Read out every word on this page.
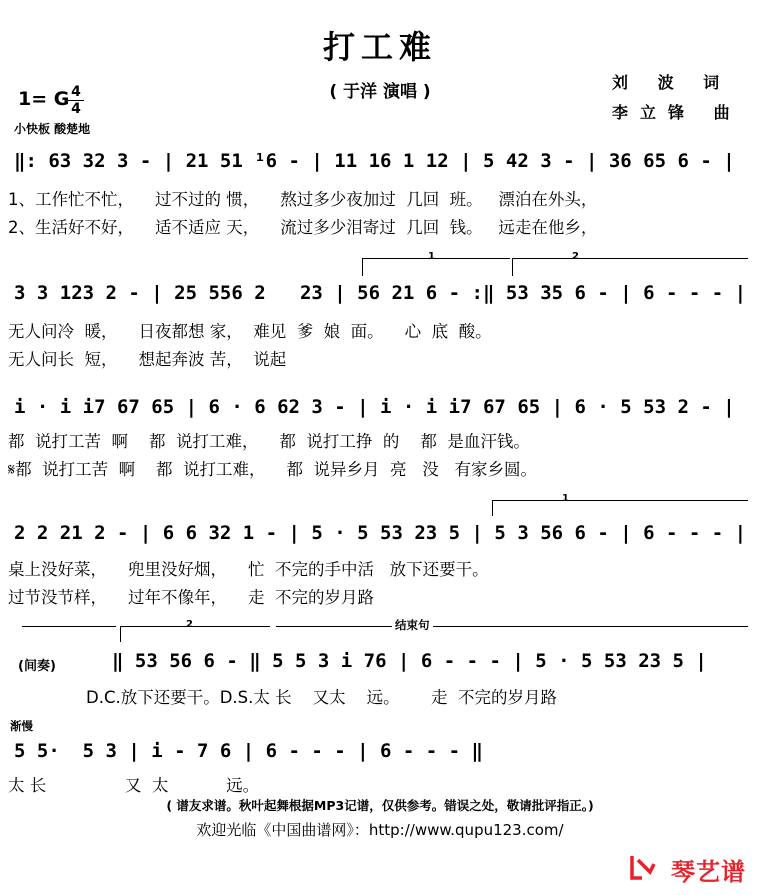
打工难
( 于洋 演唱 )
1= G 4
4
小快板 酸楚地
刘 波 词
李立锋 曲
‖: 63 32 3 - | 21 51 ¹6 - | 11 16 1 12 | 5 42 3 - | 36 65 6 - |
1、工作忙不忙，    过不过的 惯，    熬过多少夜加过  几回  班。   漂泊在外头，
2、生活好不好，    适不适应 天，    流过多少泪寄过  几回  钱。   远走在他乡，
1	2
3 3 123 2 - | 25 556 2   23 | 56 21 6 - :‖ 53 35 6 - | 6 - - - |
无人问冷  暖，    日夜都想 家，  难见  爹  娘  面。    心  底  酸。
无人问长  短，    想起奔波 苦，  说起
i · i i7 67 65 | 6 · 6 62 3 - | i · i i7 67 65 | 6 · 5 53 2 - |
都  说打工苦  啊    都  说打工难，    都  说打工挣  的    都  是血汗钱。
𝄋都  说打工苦  啊    都  说打工难，    都  说异乡月  亮   没   有家乡圆。
1
2 2 21 2 - | 6 6 32 1 - | 5 · 5 53 23 5 | 5 3 56 6 - | 6 - - - |
桌上没好菜，    兜里没好烟，    忙  不完的手中活   放下还要干。
过节没节样，    过年不像年，    走  不完的岁月路
2	结束句
(间奏)	‖ 53 56 6 - ‖ 5 5 3 i 76 | 6 - - - | 5 · 5 53 23 5 |
D.C.放下还要干。D.S.太 长    又太    远。      走  不完的岁月路
渐慢
5 5·  5 3 | i - 7 6 | 6 - - - | 6 - - - ‖
太 长               又  太           远。
( 谱友求谱。秋叶起舞根据MP3记谱，仅供参考。错误之处，敬请批评指正。)
欢迎光临《中国曲谱网》：http://www.qupu123.com/
琴艺谱
